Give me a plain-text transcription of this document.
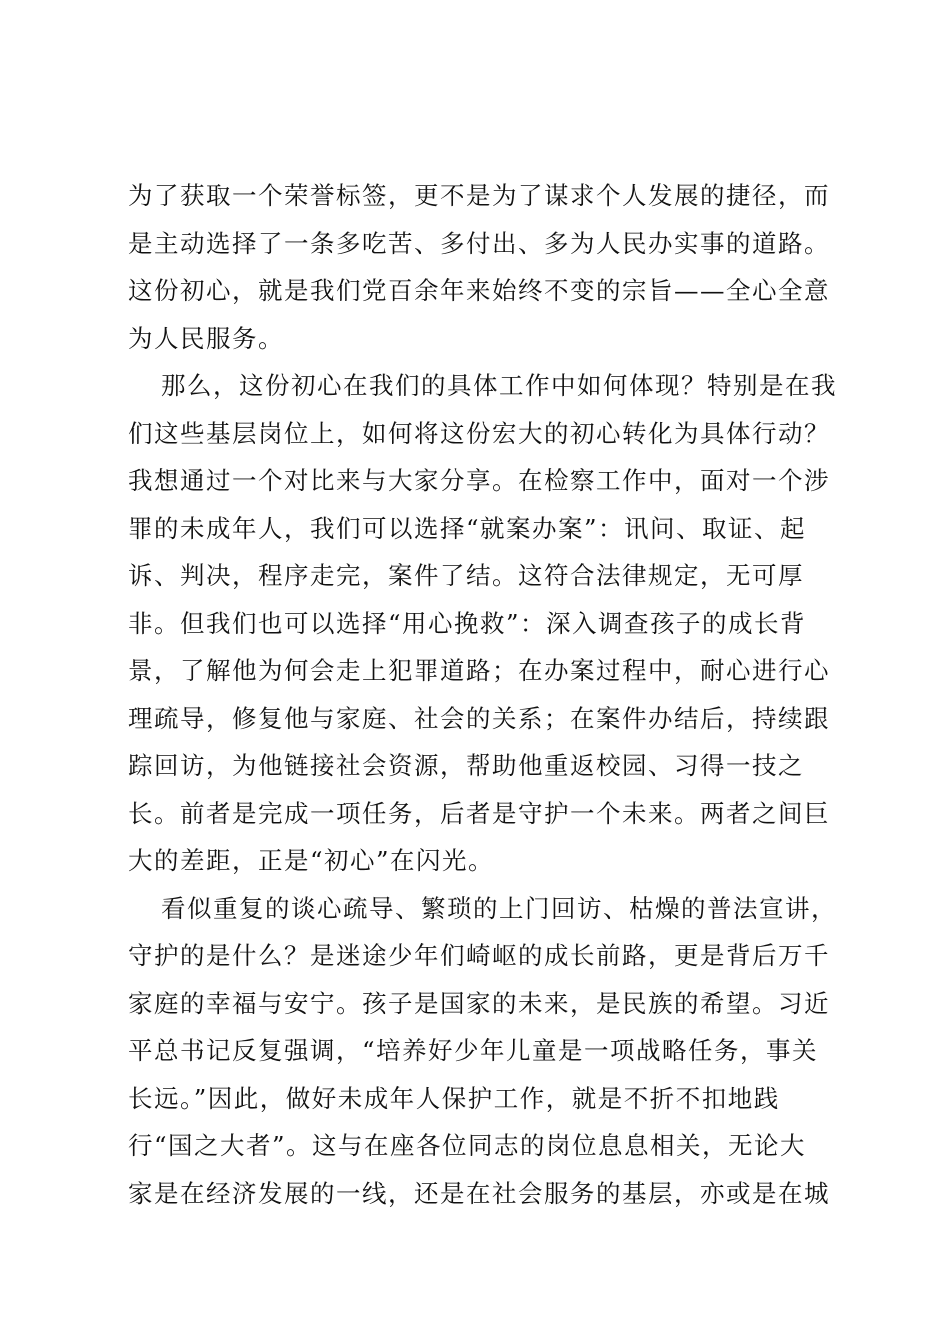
为了获取一个荣誉标签，更不是为了谋求个人发展的捷径，而
是主动选择了一条多吃苦、多付出、多为人民办实事的道路。
这份初心，就是我们党百余年来始终不变的宗旨——全心全意
为人民服务。
那么，这份初心在我们的具体工作中如何体现？特别是在我
们这些基层岗位上，如何将这份宏大的初心转化为具体行动？
我想通过一个对比来与大家分享。在检察工作中，面对一个涉
罪的未成年人，我们可以选择“就案办案”：讯问、取证、起
诉、判决，程序走完，案件了结。这符合法律规定，无可厚
非。但我们也可以选择“用心挽救”：深入调查孩子的成长背
景，了解他为何会走上犯罪道路；在办案过程中，耐心进行心
理疏导，修复他与家庭、社会的关系；在案件办结后，持续跟
踪回访，为他链接社会资源，帮助他重返校园、习得一技之
长。前者是完成一项任务，后者是守护一个未来。两者之间巨
大的差距，正是“初心”在闪光。
看似重复的谈心疏导、繁琐的上门回访、枯燥的普法宣讲，
守护的是什么？是迷途少年们崎岖的成长前路，更是背后万千
家庭的幸福与安宁。孩子是国家的未来，是民族的希望。习近
平总书记反复强调，“培养好少年儿童是一项战略任务，事关
长远。”因此，做好未成年人保护工作，就是不折不扣地践
行“国之大者”。这与在座各位同志的岗位息息相关，无论大
家是在经济发展的一线，还是在社会服务的基层，亦或是在城
